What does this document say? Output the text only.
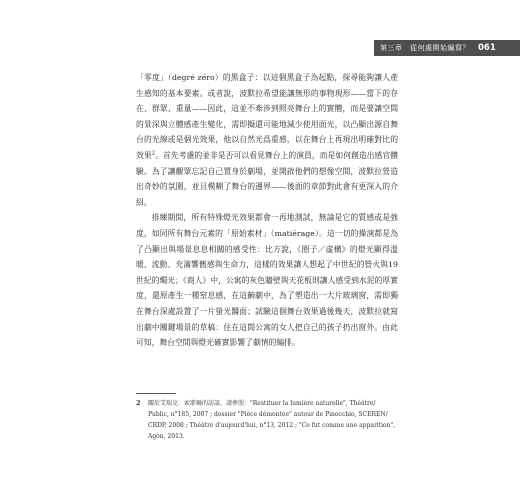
第三章　從何處開始編寫？ 061

「零度」（degré zéro）的黑盒子：以這個黑盒子為起點，探尋能夠讓人產生感知的基本要素。或者說，波默拉希望能讓無形的事物現形——當下的存在、群眾、重量——因此，這並不牽涉到照亮舞台上的實體，而是要讓空間的景深與立體感產生變化，需即擬還可能地減少使用面光，以凸顯出源自舞台的光線或是個光效果，他以自然光爲重感，以在舞台上再現出明確對比的效果$^2$。首先考慮的並非是否可以看見舞台上的演員，而是如何創造出感官體驗。為了讓觀眾忘記自己置身於劇場，並開啟他們的想像空間，波默拉營造出奇妙的氛圍，並且模糊了舞台的邊界——後面的章節對此會有更深入的介紹。

排練期間，所有特殊燈光效果都會一再地測試，無論是它的質感或是強度，如同所有舞台元素的「原始素材」（matiérage）。這一切的操演都是為了凸顯出與場景息息相關的感受性：比方說，《圈子／虛構》的燈光顯得溫暖、流動、充滿響舊感與生命力，這樣的效果讓人想起了中世紀的營火與19世紀的燭光；《商人》中，公寓的灰色牆壁與天花板則讓人感受到水泥的厚實度，還原產生一種窒息感，在這齣劇中，為了塑造出一大片玻璃窗，需即獨在舞台深處設置了一片螢光醫面；試驗這個舞台效果過後幾天，波默拉就寫出劇中關鍵場景的草稿：住在這間公寓的女人把自己的孩子扔出窗外。由此可知，舞台空間與燈光確實影響了劇情的編排。

2	關於艾瑞克．索耶爾的訪談，請參照："Restituer la lumière naturelle", Théâtre/ Public, n°185, 2007 ; dossier "Pièce démontée" autour de Pinocchio, SCEREN/ CRDP, 2008 ; Théâtre d'aujourd'hui, n°13, 2012 ; "Ce fut comme une apparition", Agôn, 2013.
